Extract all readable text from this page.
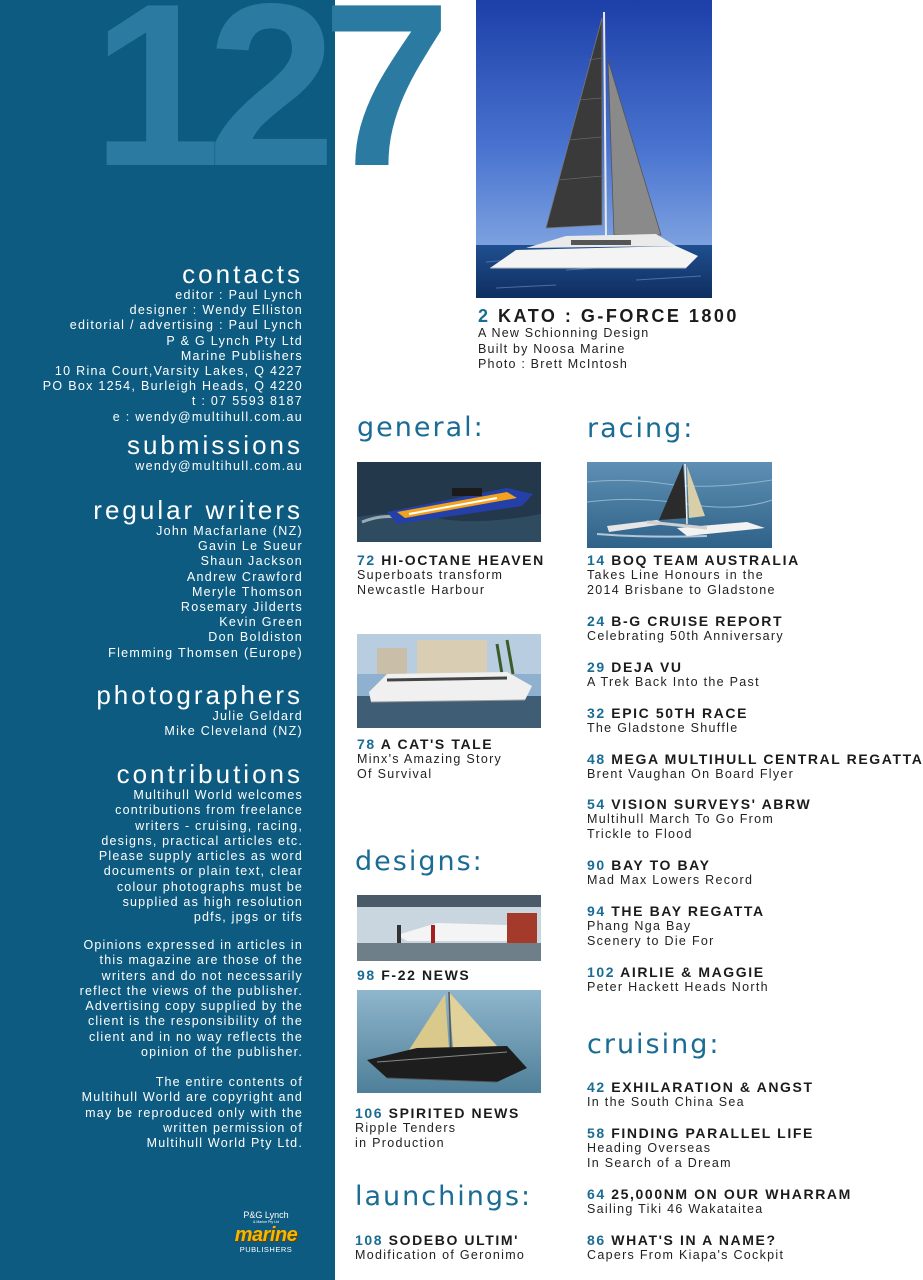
127
contacts
editor : Paul Lynch
designer : Wendy Elliston
editorial / advertising : Paul Lynch
P & G Lynch Pty Ltd
Marine Publishers
10 Rina Court,Varsity Lakes, Q 4227
PO Box 1254, Burleigh Heads, Q 4220
t : 07 5593 8187
e : wendy@multihull.com.au
submissions
wendy@multihull.com.au
regular writers
John Macfarlane (NZ)
Gavin Le Sueur
Shaun Jackson
Andrew Crawford
Meryle Thomson
Rosemary Jilderts
Kevin Green
Don Boldiston
Flemming Thomsen (Europe)
photographers
Julie Geldard
Mike Cleveland (NZ)
contributions
Multihull World welcomes
contributions from freelance
writers - cruising, racing,
designs, practical articles etc.
Please supply articles as word
documents or plain text, clear
colour photographs must be
supplied as high resolution
pdfs, jpgs or tifs
Opinions expressed in articles in
this magazine are those of the
writers and do not necessarily
reflect the views of the publisher.
Advertising copy supplied by the
client is the responsibility of the
client and in no way reflects the
opinion of the publisher.
The entire contents of
Multihull World are copyright and
may be reproduced only with the
written permission of
Multihull World Pty Ltd.
P&G Lynch
& Marine Pty Ltd
marine
PUBLISHERS
2 KATO : G-FORCE 1800
A New Schionning Design
Built by Noosa Marine
Photo : Brett McIntosh
general:
72 HI-OCTANE HEAVEN
Superboats transform
Newcastle Harbour
78 A CAT'S TALE
Minx's Amazing Story
Of Survival
designs:
98 F-22 NEWS
106 SPIRITED NEWS
Ripple Tenders
in Production
launchings:
108 SODEBO ULTIM'
Modification of Geronimo
racing:
14 BOQ TEAM AUSTRALIA
Takes Line Honours in the
2014 Brisbane to Gladstone
24 B-G CRUISE REPORT
Celebrating 50th Anniversary
29 DEJA VU
A Trek Back Into the Past
32 EPIC 50TH RACE
The Gladstone Shuffle
48 MEGA MULTIHULL CENTRAL REGATTA
Brent Vaughan On Board Flyer
54 VISION SURVEYS' ABRW
Multihull March To Go From
Trickle to Flood
90 BAY TO BAY
Mad Max Lowers Record
94 THE BAY REGATTA
Phang Nga Bay
Scenery to Die For
102 AIRLIE & MAGGIE
Peter Hackett Heads North
cruising:
42 EXHILARATION & ANGST
In the South China Sea
58 FINDING PARALLEL LIFE
Heading Overseas
In Search of a Dream
64 25,000NM ON OUR WHARRAM
Sailing Tiki 46 Wakataitea
86 WHAT'S IN A NAME?
Capers From Kiapa's Cockpit
